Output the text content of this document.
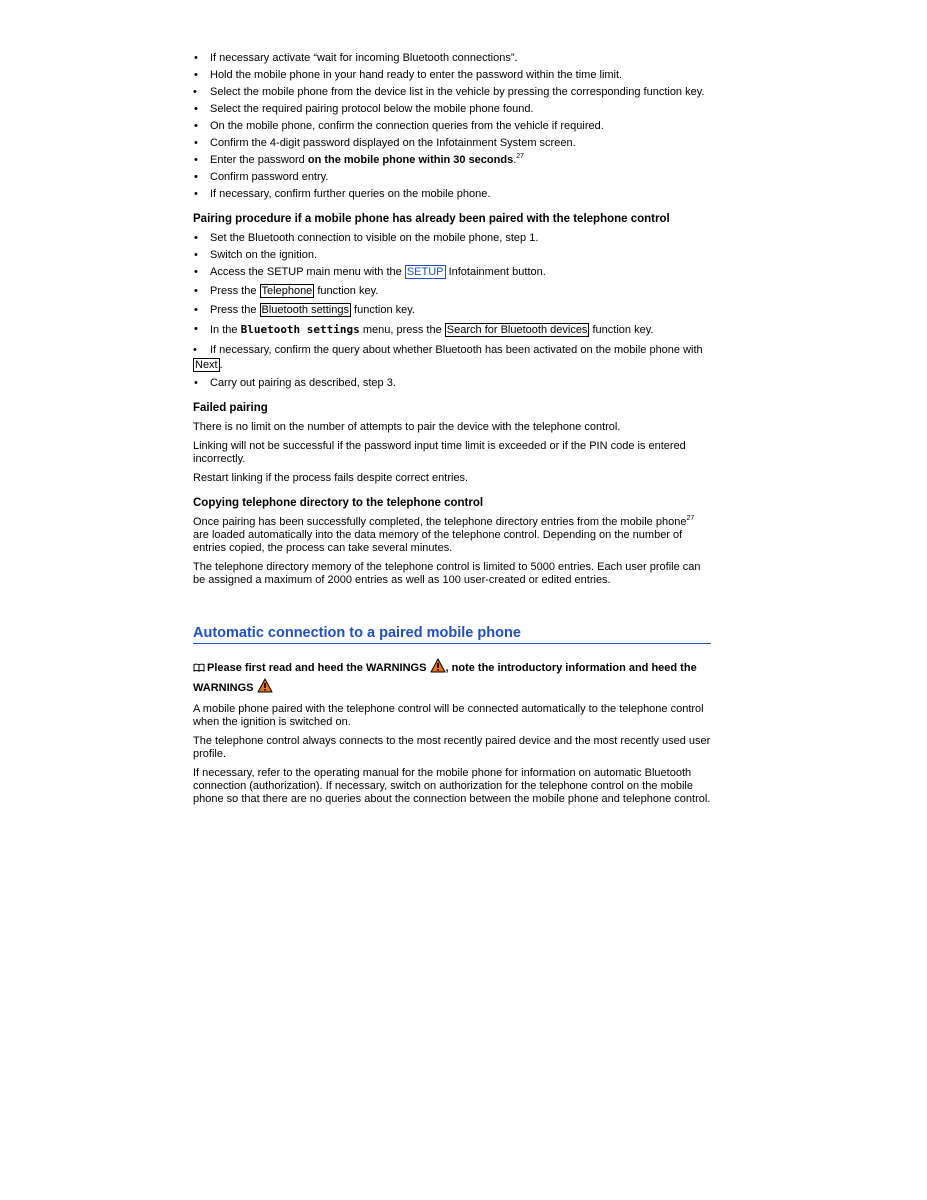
• If necessary activate “wait for incoming Bluetooth connections”.
• Hold the mobile phone in your hand ready to enter the password within the time limit.
• Select the mobile phone from the device list in the vehicle by pressing the corresponding function key.
• Select the required pairing protocol below the mobile phone found.
• On the mobile phone, confirm the connection queries from the vehicle if required.
• Confirm the 4-digit password displayed on the Infotainment System screen.
• Enter the password on the mobile phone within 30 seconds.$^{27}$
• Confirm password entry.
• If necessary, confirm further queries on the mobile phone.
Pairing procedure if a mobile phone has already been paired with the telephone control
• Set the Bluetooth connection to visible on the mobile phone, step 1.
• Switch on the ignition.
• Access the SETUP main menu with the SETUP Infotainment button.
• Press the Telephone function key.
• Press the Bluetooth settings function key.
• In the Bluetooth settings menu, press the Search for Bluetooth devices function key.
• If necessary, confirm the query about whether Bluetooth has been activated on the mobile phone with Next .
• Carry out pairing as described, step 3.
Failed pairing

There is no limit on the number of attempts to pair the device with the telephone control.

Linking will not be successful if the password input time limit is exceeded or if the PIN code is entered incorrectly.

Restart linking if the process fails despite correct entries.

Copying telephone directory to the telephone control

Once pairing has been successfully completed, the telephone directory entries from the mobile phone$^{27}$ are loaded automatically into the data memory of the telephone control. Depending on the number of entries copied, the process can take several minutes.

The telephone directory memory of the telephone control is limited to 5000 entries. Each user profile can be assigned a maximum of 2000 entries as well as 100 user-created or edited entries.

Automatic connection to a paired mobile phone
Please first read and heed the WARNINGS , note the introductory information and heed the WARNINGS

A mobile phone paired with the telephone control will be connected automatically to the telephone control when the ignition is switched on.

The telephone control always connects to the most recently paired device and the most recently used user profile.

If necessary, refer to the operating manual for the mobile phone for information on automatic Bluetooth connection (authorization). If necessary, switch on authorization for the telephone control on the mobile phone so that there are no queries about the connection between the mobile phone and telephone control.
